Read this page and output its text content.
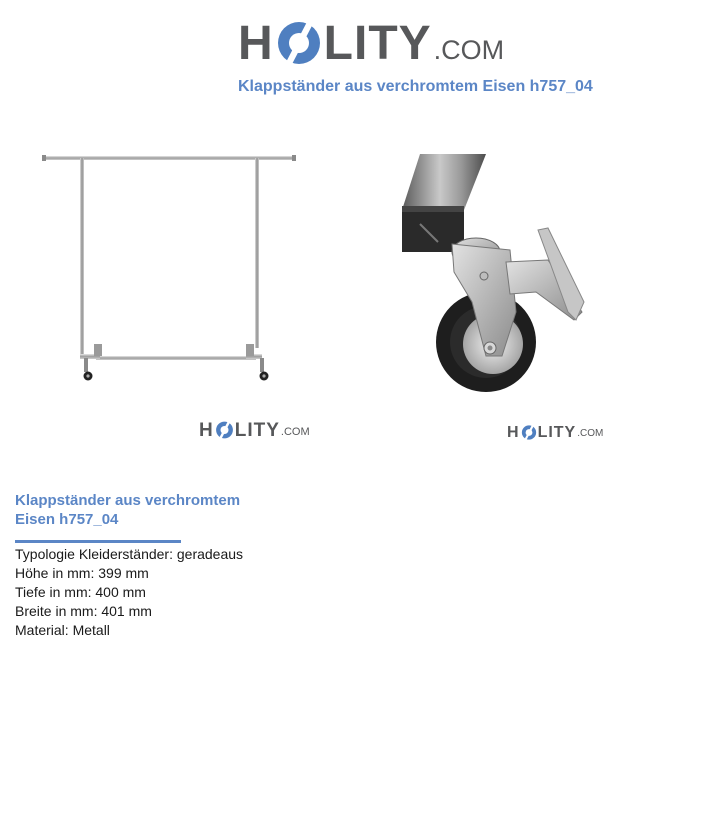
H LITY .COM
Klappständer aus verchromtem Eisen h757_04
H LITY .COM	H LITY .COM
Klappständer aus verchromtem Eisen h757_04
Typologie Kleiderständer: geradeaus
Höhe in mm: 399 mm
Tiefe in mm: 400 mm
Breite in mm: 401 mm
Material: Metall
